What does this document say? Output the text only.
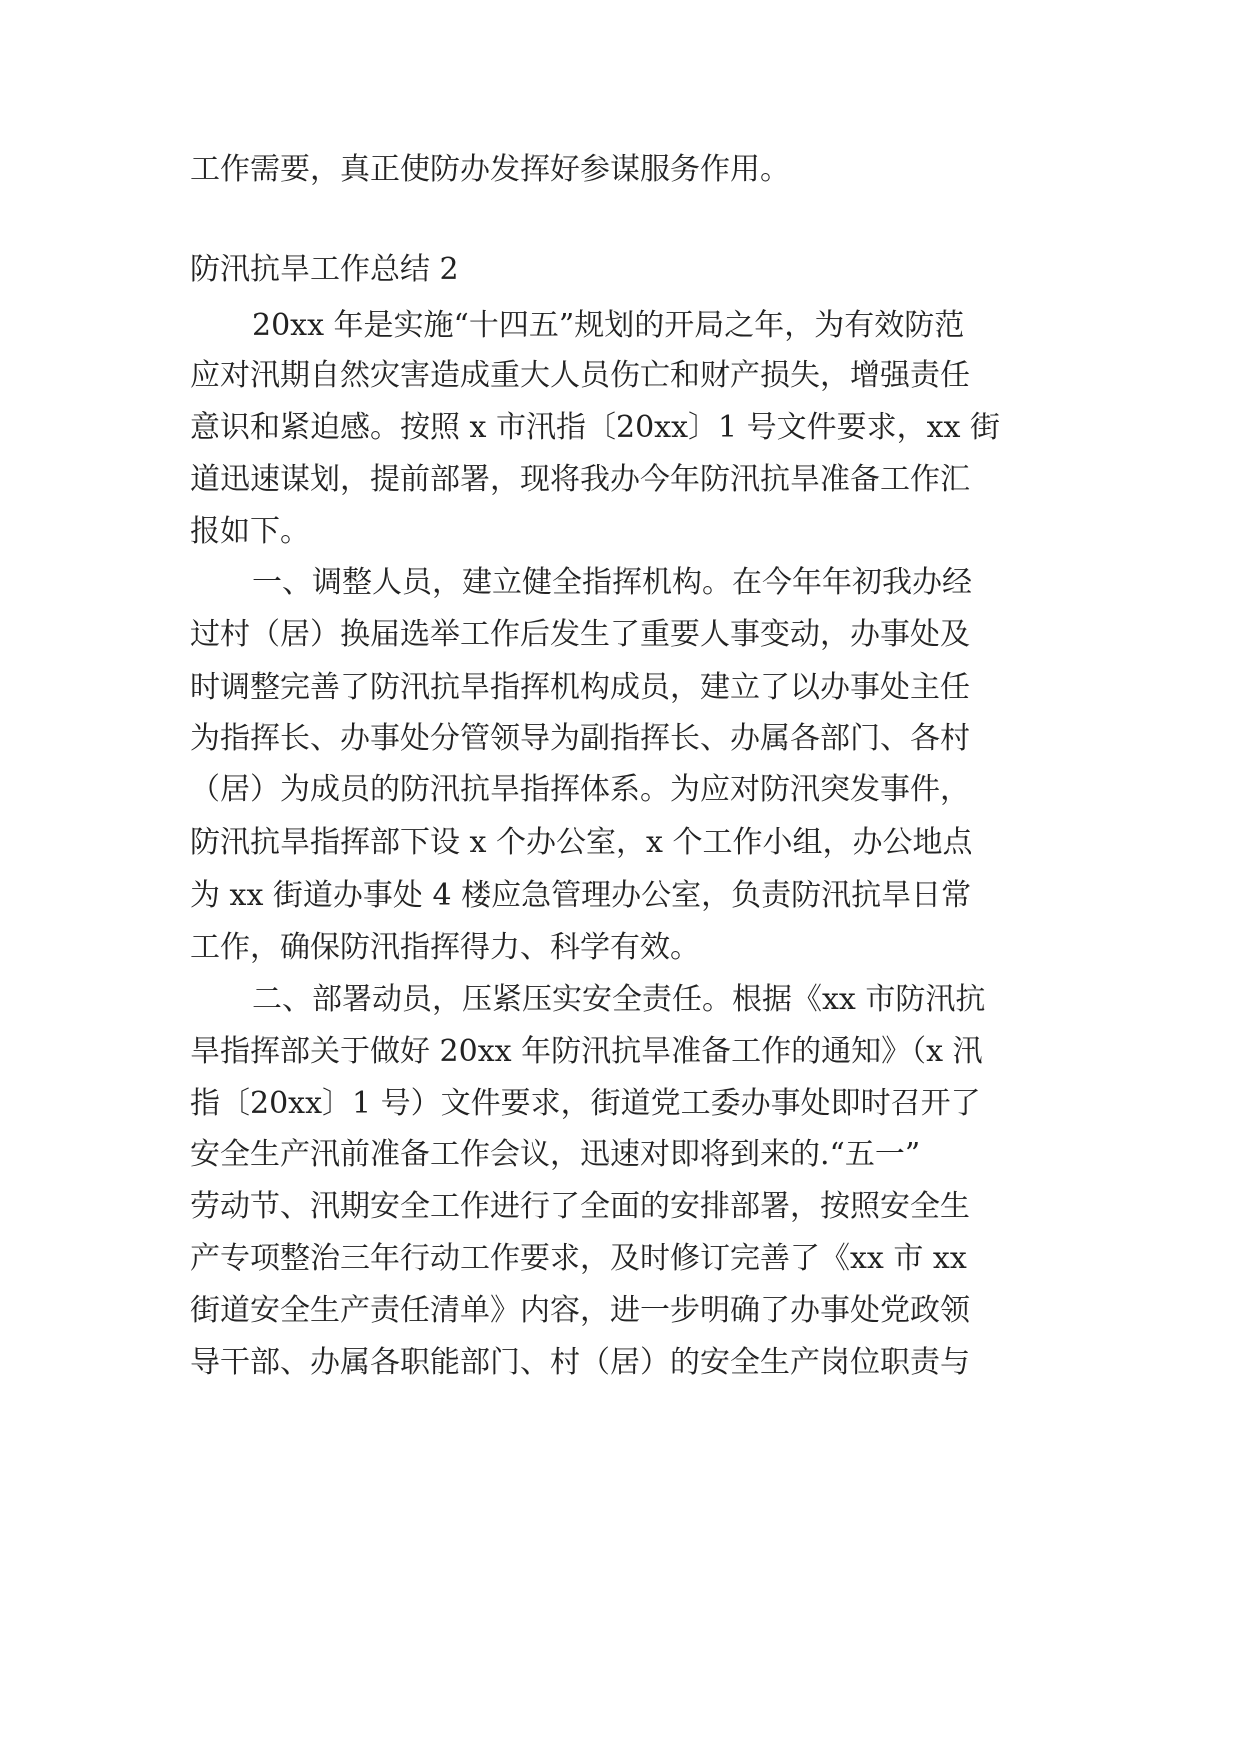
工作需要，真正使防办发挥好参谋服务作用。

防汛抗旱工作总结 2

20xx 年是实施“十四五”规划的开局之年，为有效防范

应对汛期自然灾害造成重大人员伤亡和财产损失，增强责任

意识和紧迫感。按照 x 市汛指〔20xx〕1 号文件要求，xx 街

道迅速谋划，提前部署，现将我办今年防汛抗旱准备工作汇

报如下。

一、调整人员，建立健全指挥机构。在今年年初我办经

过村（居）换届选举工作后发生了重要人事变动，办事处及

时调整完善了防汛抗旱指挥机构成员，建立了以办事处主任

为指挥长、办事处分管领导为副指挥长、办属各部门、各村

（居）为成员的防汛抗旱指挥体系。为应对防汛突发事件，

防汛抗旱指挥部下设 x 个办公室，x 个工作小组，办公地点

为 xx 街道办事处 4 楼应急管理办公室，负责防汛抗旱日常

工作，确保防汛指挥得力、科学有效。

二、部署动员，压紧压实安全责任。根据《xx 市防汛抗

旱指挥部关于做好 20xx 年防汛抗旱准备工作的通知》（x 汛

指〔20xx〕1 号）文件要求，街道党工委办事处即时召开了

安全生产汛前准备工作会议，迅速对即将到来的.“五一”

劳动节、汛期安全工作进行了全面的安排部署，按照安全生

产专项整治三年行动工作要求，及时修订完善了《xx 市 xx

街道安全生产责任清单》内容，进一步明确了办事处党政领

导干部、办属各职能部门、村（居）的安全生产岗位职责与
